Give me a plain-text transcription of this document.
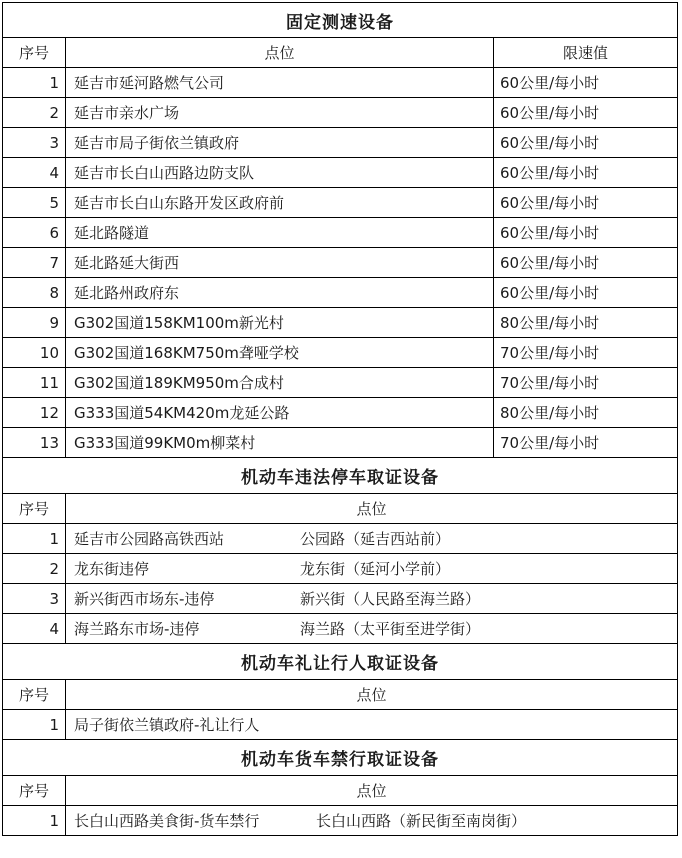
固定测速设备
序号	点位	限速值
1	延吉市延河路燃气公司	60公里/每小时
2	延吉市亲水广场	60公里/每小时
3	延吉市局子街依兰镇政府	60公里/每小时
4	延吉市长白山西路边防支队	60公里/每小时
5	延吉市长白山东路开发区政府前	60公里/每小时
6	延北路隧道	60公里/每小时
7	延北路延大街西	60公里/每小时
8	延北路州政府东	60公里/每小时
9	G302国道158KM100m新光村	80公里/每小时
10	G302国道168KM750m聋哑学校	70公里/每小时
11	G302国道189KM950m合成村	70公里/每小时
12	G333国道54KM420m龙延公路	80公里/每小时
13	G333国道99KM0m柳菜村	70公里/每小时
机动车违法停车取证设备
序号	点位
1	延吉市公园路高铁西站	公园路（延吉西站前）
2	龙东街违停	龙东街（延河小学前）
3	新兴街西市场东-违停	新兴街（人民路至海兰路）
4	海兰路东市场-违停	海兰路（太平街至进学街）
机动车礼让行人取证设备
序号	点位
1	局子街依兰镇政府-礼让行人
机动车货车禁行取证设备
序号	点位
1	长白山西路美食街-货车禁行	长白山西路（新民街至南岗街）
